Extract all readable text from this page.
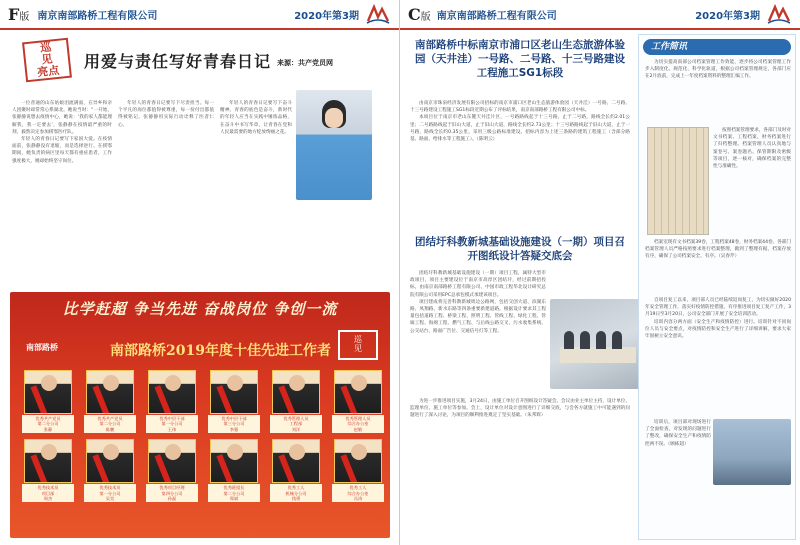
F版 南京南部路桥工程有限公司	2020年第3期
巡
见
亮点
用爱与责任写好青春日记 来源：共产党员网

一位普通的山东姑娘泪流满面，在异乡和亲人团聚时却常常心系湖北。她说当时：“一开始，张静静说想去疫情中心，她说：‘我的家人都能理解我，我一定要去’，张静静在疫情最严重的时刻，毅然决定参加援鄂医疗队。

年轻人的青春日记要写下家国大爱。在疫情面前，张静静没有退缩，而是选择逆行。在援鄂期间，她负责的病区里每天都有重症患者，工作强度极大，她却始终坚守岗位。

年轻人的青春日记要写下尽责担当。每一个平凡的岗位都值得被尊重，每一份付出都值得被铭记。张静静用实际行动诠释了医者仁心。

年轻人的青春日记要写下奋斗精神。青春的底色是奋斗，新时代的年轻人应当在实践中锤炼品格，在奋斗中书写华章，让青春在党和人民最需要的地方绽放绚丽之花。

比学赶超 争当先进 奋战岗位 争创一流
南部路桥	南部路桥2019年度十佳先进工作者
巡
见
优秀共产党员
第二分公司
张静
优秀共产党员
第二分公司
陈鹏
优秀中层干部
第一分公司
王伟
优秀中层干部
第三分公司
李强
优秀管理人员
工程部
刘洋
优秀管理人员
综合办公室
赵敏
优秀技术员
项目部
周杰
优秀技术员
第一分公司
吴昊
优秀项目经理
第四分公司
孙磊
优秀班组长
第二分公司
郑斌
优秀工人
机械分公司
钱勇
优秀工人
综合办公室
冯涛
C版 南京南部路桥工程有限公司	2020年第3期
南部路桥中标南京市浦口区老山生态旅游体验园（天井洼）一号路、二号路、十三号路建设工程施工SG1标段

由南京市珠泉经济发展有限公司招标的南京市浦口区老山生态旅游体验园（天井洼）一号路、二号路、十三号路建设工程施工SG1标段近期公布了评标结果，南京南部路桥工程有限公司中标。

本项目位于南京市老山东麓天井洼片区，一号路路线起于十三号路，止于二号路，路线全长约2.01公里；二号路路线起于旧山大道，止于旧山大道，路线全长约2.73公里；十三号路路线起于旧山大道，止于一号路，路线全长约0.35公里。采用三级公路标准建设。招标内容为上述三条路的建筑工程施工（含部分路基、路面、给排水等工程施工）。（陈明云）

团结圩科教新城基础设施建设（一期）项目召开图纸设计答疑交底会

团结圩科教新城基础设施建设（一期）项目工程，属特大型市政项目，项目主要建设位于南京市高淳区团结圩，经过前期招投标，由南京南部路桥工程有限公司、中国市政工程华北设计研究总院有限公司采用EPC总承包模式承建该项目。

项目建成将完善科教新城周边公路网，包括交创大道、滨湖东路、凤翔路、新水东路等四条重要新建道路。根据设计要求其工程量包括道路工程、桥梁工程、照明工程、管线工程、绿化工程、管廊工程、海绵工程、燃气工程、与后线公路交叉、污水收集系统、公交站台、路面广告位、交通信号灯等工程。

为进一步推进项目实施，3月24日，由施工单位召开图纸设计答疑会。会议由业主单位主持，设计单位、监理单位、施工单位等参加。会上，设计单位对设计意图进行了详细交底，与会各方就施工中可能遇到的问题进行了深入讨论，为项目的顺利推进奠定了坚实基础。（朱邦辉）

工作简讯

为切实提高南部公司档案管理工作效能，逐步将公司档案管理工作步入制度化、规范化、科学化轨道，根据公司档案管理规定，各部门应在2月底前，完成上一年度档案资料的整理汇编工作。

按照档案管理要求，各部门及时对文书档案、工程档案、财务档案进行了归档整理。档案管理人员认真地与案卷号、案卷题名、保管期限及密级等项目，逐一核对，确保档案的完整性与准确性。

档案室现有文书档案39卷，工程档案48卷，财务档案44卷。各部门档案管理人员严格按照要求进行档案整理，做到了整理有据，档案存放有序，确保了公司档案安全、有序。（吴春芹）

自项目复工以来，项目部人员已经陆续返岗复工，为切实做好2020年安全管理工作，落实好疫情防控措施，有序推进项目复工复产工作，3月19日至3月20日，公司安全部门开展了安全培训活动。

培训内容分两方面（安全生产和疫情防控）进行。培训针对不同岗位人员与安全要点，对疫情防控和安全生产进行了详细讲解，要求大家牢固树立安全意识。

培训后，项目部对现场进行了全面检查，对发现的问题进行了整改，确保安全生产和疫情防控两不误。（顾栋超）
